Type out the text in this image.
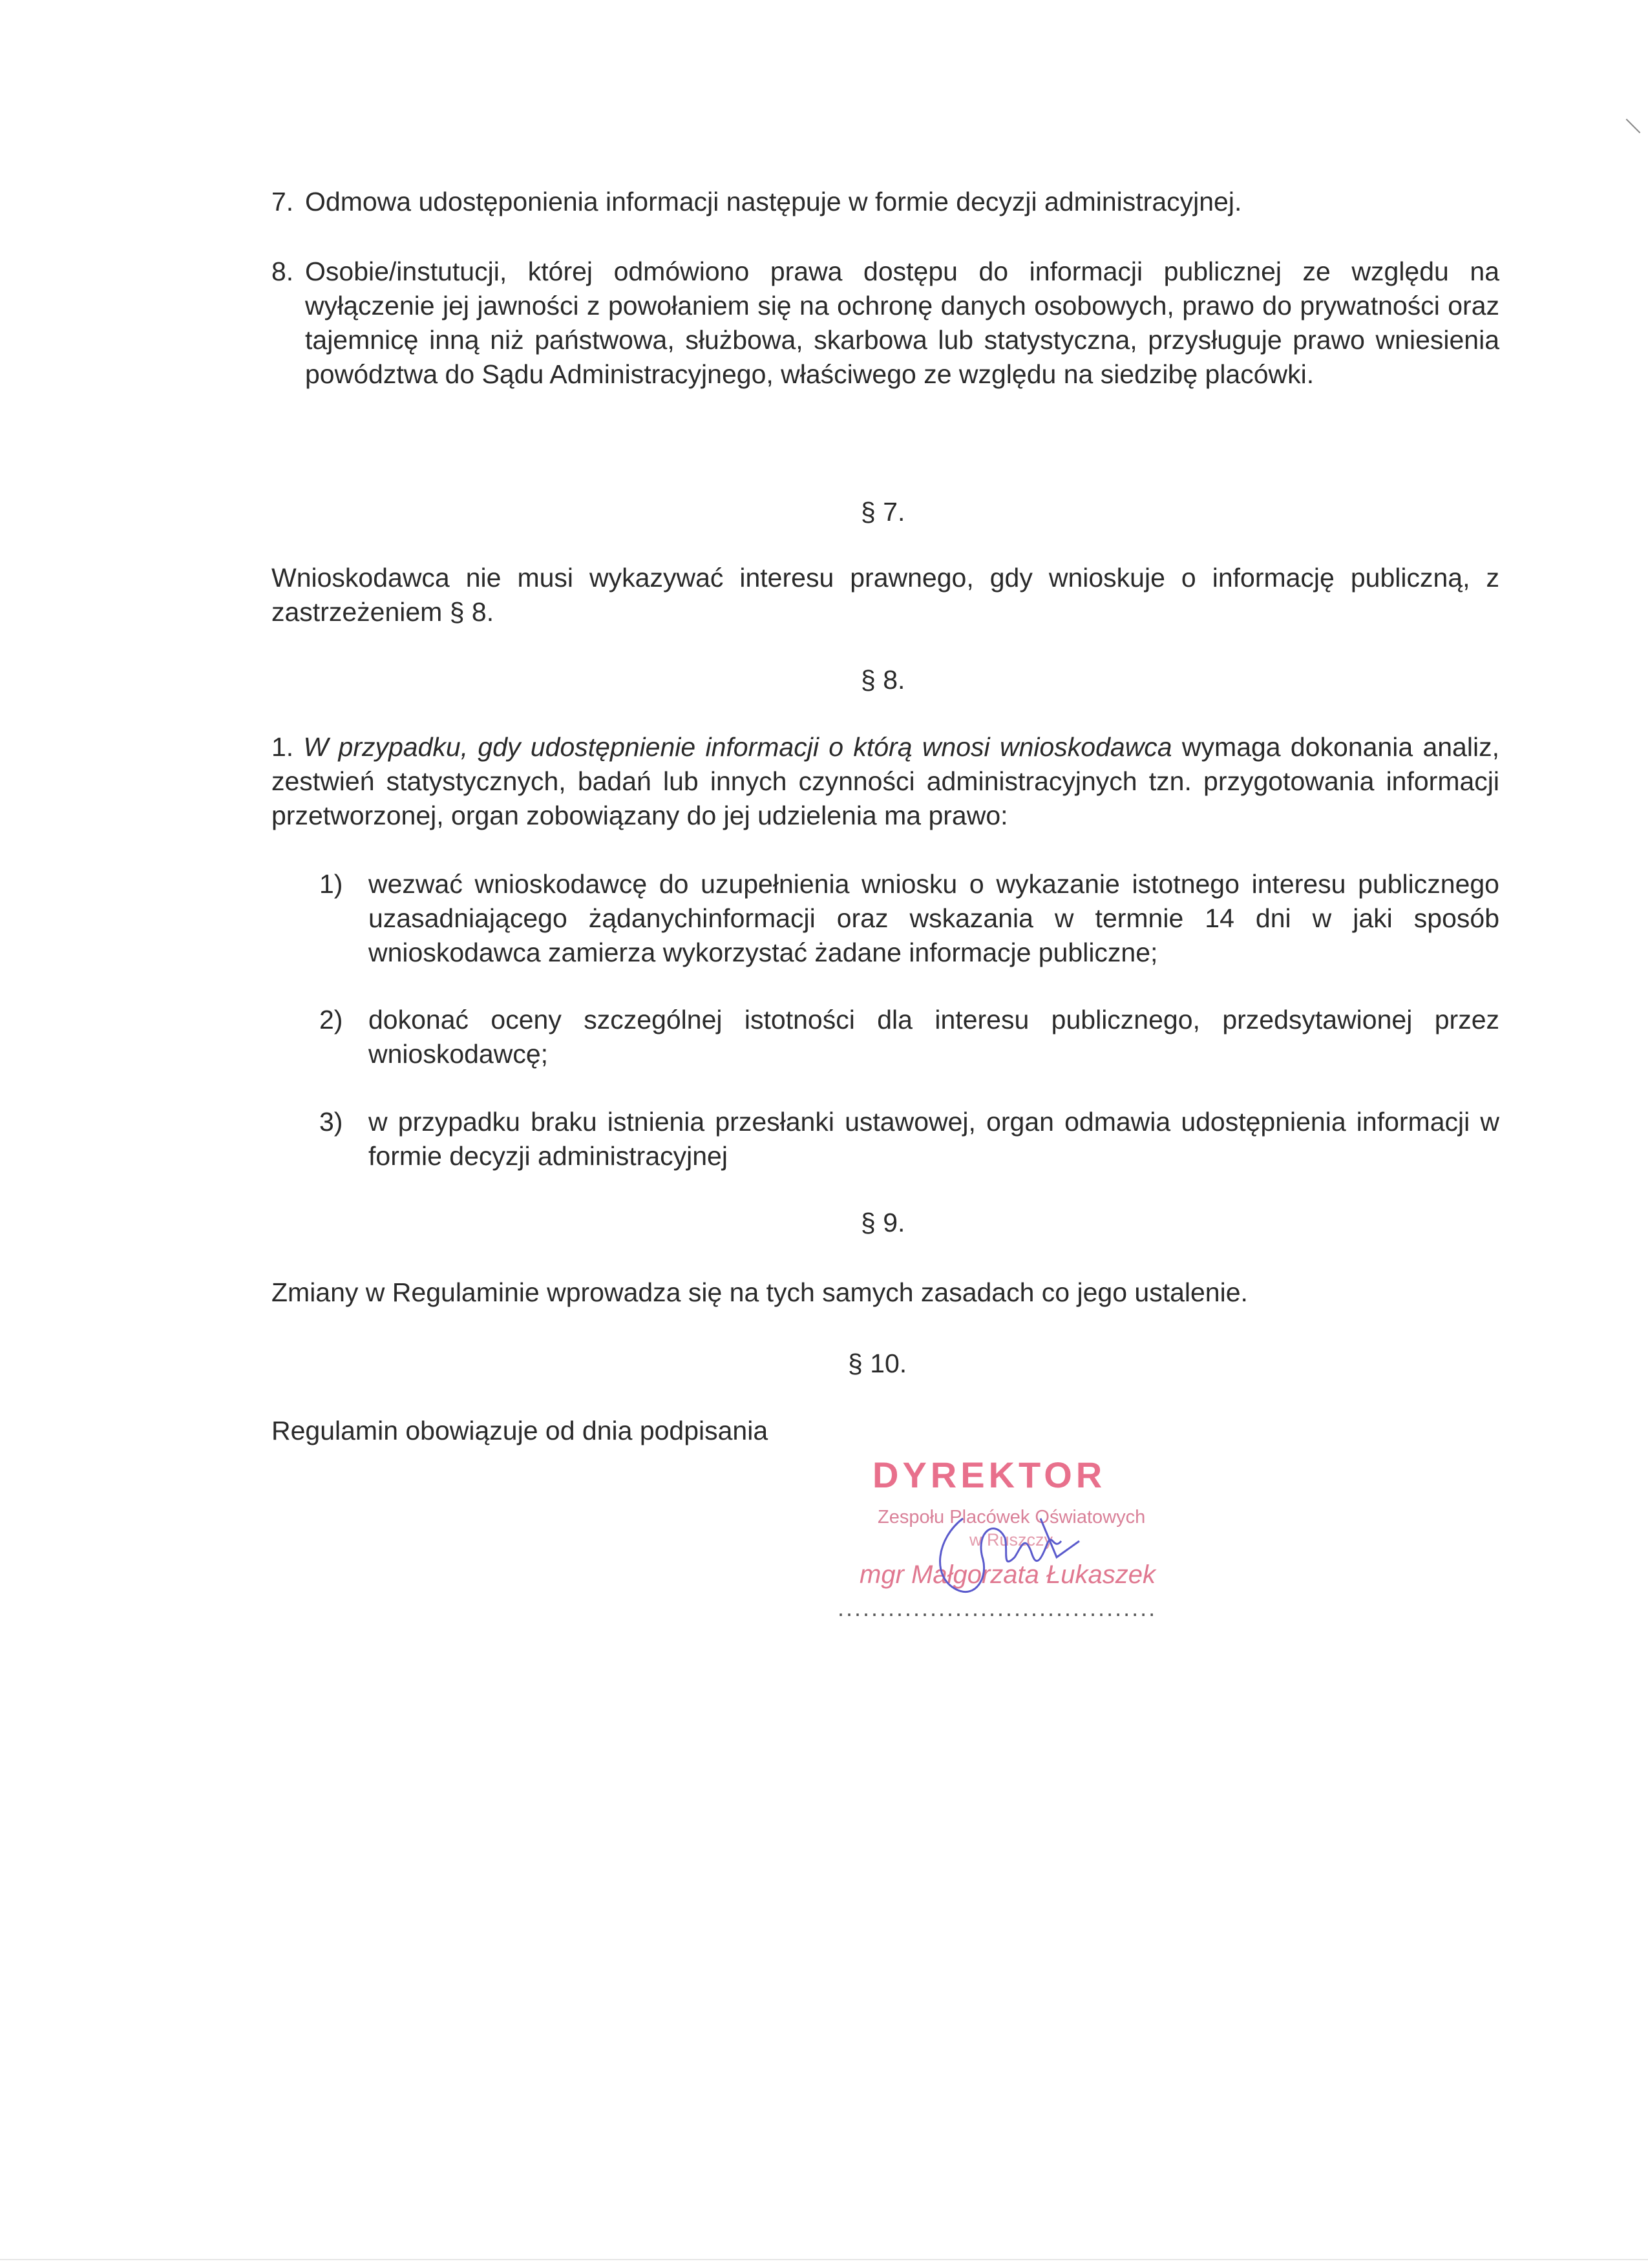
7. Odmowa udostęponienia informacji następuje w formie decyzji administracyjnej.
8. Osobie/instutucji, której odmówiono prawa dostępu do informacji publicznej ze względu na wyłączenie jej jawności z powołaniem się na ochronę danych osobowych, prawo do prywatności oraz tajemnicę inną niż państwowa, służbowa, skarbowa lub statystyczna, przysługuje prawo wniesienia powództwa do Sądu Administracyjnego, właściwego ze względu na siedzibę placówki.
§ 7.
Wnioskodawca nie musi wykazywać interesu prawnego, gdy wnioskuje o informację publiczną, z zastrzeżeniem § 8.
§ 8.
1. W przypadku, gdy udostępnienie informacji o którą wnosi wnioskodawca wymaga dokonania analiz, zestwień statystycznych, badań lub innych czynności administracyjnych tzn. przygotowania informacji przetworzonej, organ zobowiązany do jej udzielenia ma prawo:
1) wezwać wnioskodawcę do uzupełnienia wniosku o wykazanie istotnego interesu publicznego uzasadniającego żądanychinformacji oraz wskazania w termnie 14 dni w jaki sposób wnioskodawca zamierza wykorzystać żadane informacje publiczne;
2) dokonać oceny szczególnej istotności dla interesu publicznego, przedsytawionej przez wnioskodawcę;
3) w przypadku braku istnienia przesłanki ustawowej, organ odmawia udostępnienia informacji w formie decyzji administracyjnej
§ 9.
Zmiany w Regulaminie wprowadza się na tych samych zasadach co jego ustalenie.
§ 10.
Regulamin obowiązuje od dnia podpisania
DYREKTOR
Zespołu Placówek Oświatowych
w Ruszczy
mgr Małgorzata Łukaszek
......................................
